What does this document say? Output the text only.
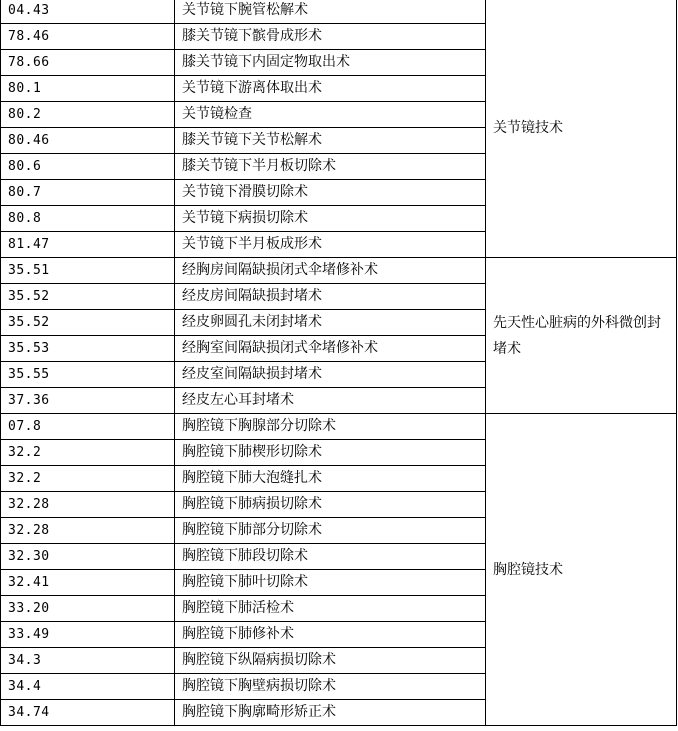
04.43	关节镜下腕管松解术	关节镜技术
78.46	膝关节镜下髌骨成形术	
78.66	膝关节镜下内固定物取出术	
80.1	关节镜下游离体取出术	
80.2	关节镜检查	
80.46	膝关节镜下关节松解术	
80.6	膝关节镜下半月板切除术	
80.7	关节镜下滑膜切除术	
80.8	关节镜下病损切除术	
81.47	关节镜下半月板成形术	
35.51	经胸房间隔缺损闭式伞堵修补术	先天性心脏病的外科微创封堵术
35.52	经皮房间隔缺损封堵术	
35.52	经皮卵圆孔未闭封堵术	
35.53	经胸室间隔缺损闭式伞堵修补术	
35.55	经皮室间隔缺损封堵术	
37.36	经皮左心耳封堵术	
07.8	胸腔镜下胸腺部分切除术	胸腔镜技术
32.2	胸腔镜下肺楔形切除术	
32.2	胸腔镜下肺大泡缝扎术	
32.28	胸腔镜下肺病损切除术	
32.28	胸腔镜下肺部分切除术	
32.30	胸腔镜下肺段切除术	
32.41	胸腔镜下肺叶切除术	
33.20	胸腔镜下肺活检术	
33.49	胸腔镜下肺修补术	
34.3	胸腔镜下纵隔病损切除术	
34.4	胸腔镜下胸壁病损切除术	
34.74	胸腔镜下胸廓畸形矫正术	
